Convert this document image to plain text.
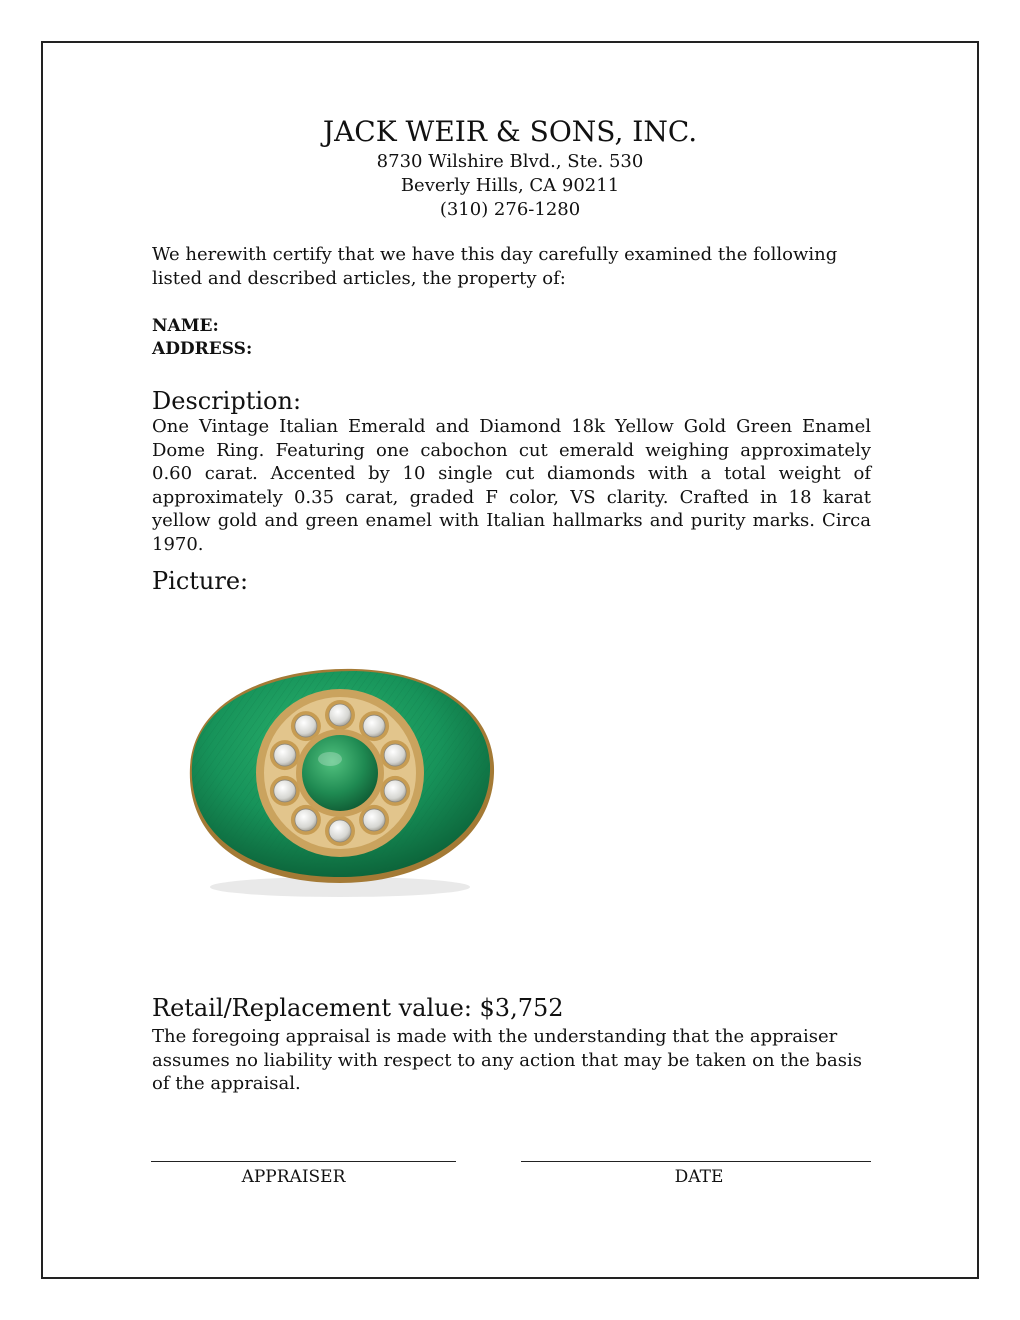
JACK WEIR & SONS, INC.
8730 Wilshire Blvd., Ste. 530
Beverly Hills, CA 90211
(310) 276-1280
We herewith certify that we have this day carefully examined the following listed and described articles, the property of:
NAME:
ADDRESS:
Description:
One Vintage Italian Emerald and Diamond 18k Yellow Gold Green Enamel Dome Ring. Featuring one cabochon cut emerald weighing approximately 0.60 carat. Accented by 10 single cut diamonds with a total weight of approximately 0.35 carat, graded F color, VS clarity. Crafted in 18 karat yellow gold and green enamel with Italian hallmarks and purity marks. Circa 1970.
Picture:
Retail/Replacement value: $3,752
The foregoing appraisal is made with the understanding that the appraiser assumes no liability with respect to any action that may be taken on the basis of the appraisal.
APPRAISER	DATE
